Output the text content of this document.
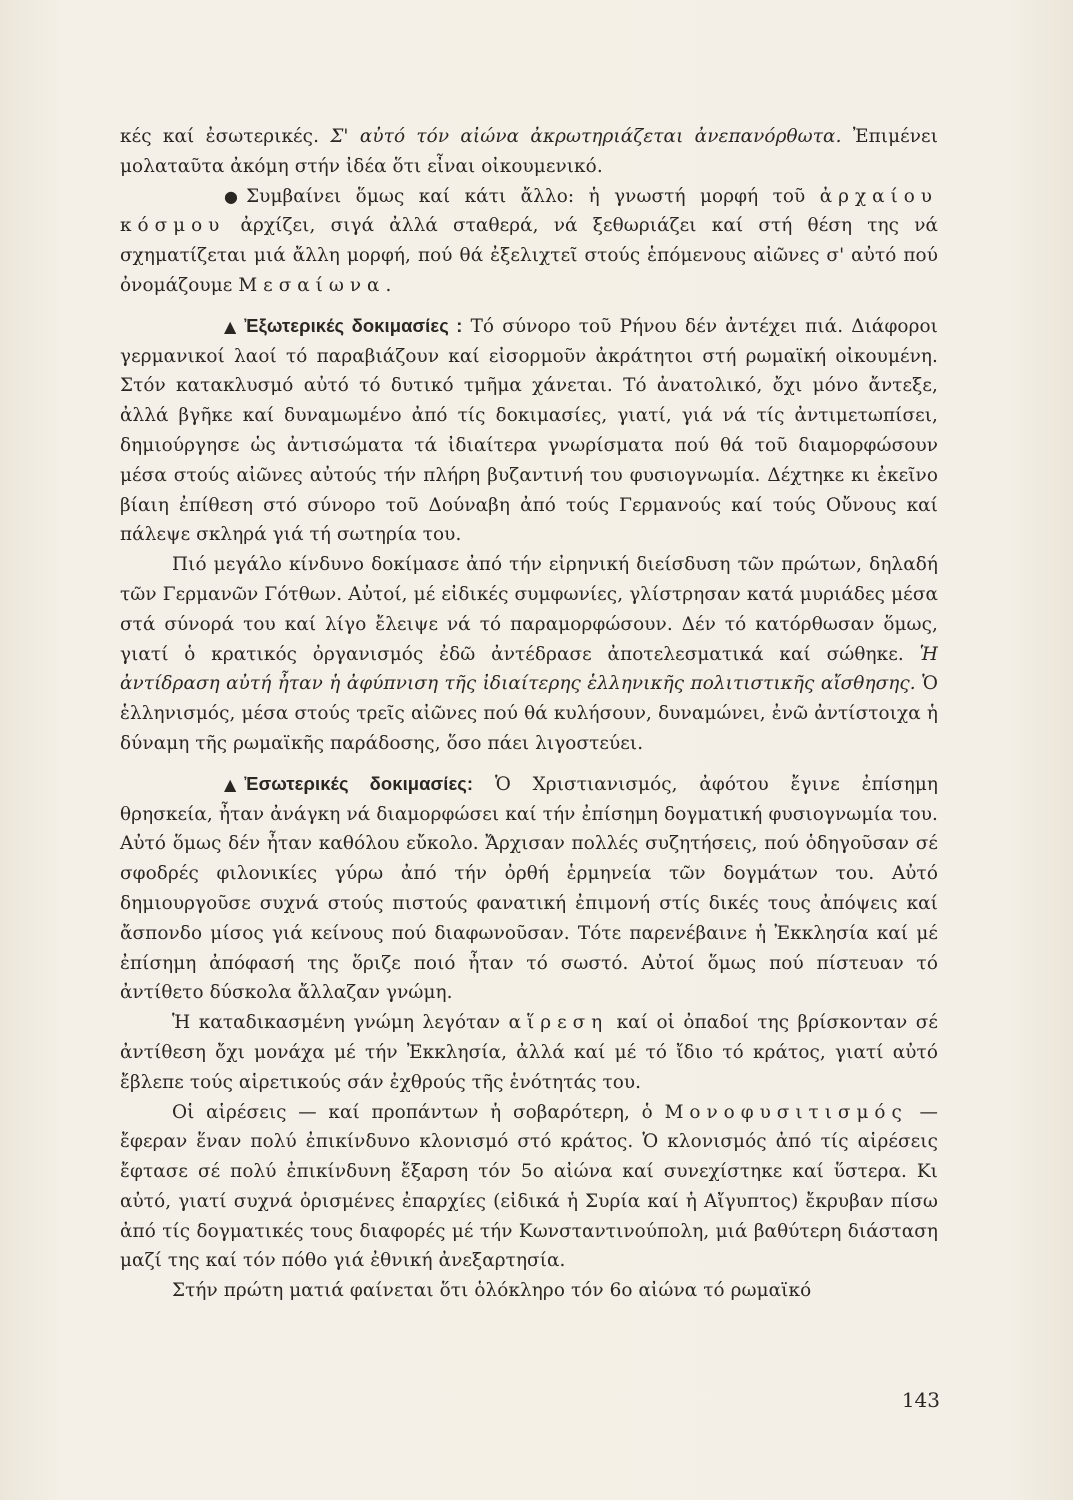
κές καί ἐσωτερικές. Σ' αὐτό τόν αἰώνα ἀκρωτηριάζεται ἀνεπανόρθωτα. Ἐπιμένει μολαταῦτα ἀκόμη στήν ἰδέα ὅτι εἶναι οἰκουμενικό.

● Συμβαίνει ὅμως καί κάτι ἄλλο: ἡ γνωστή μορφή τοῦ ἀρχαίου κόσμου ἀρχίζει, σιγά ἀλλά σταθερά, νά ξεθωριάζει καί στή θέση της νά σχηματίζεται μιά ἄλλη μορφή, πού θά ἐξελιχτεῖ στούς ἑπόμενους αἰῶνες σ' αὐτό πού ὀνομάζουμε Μεσαίωνα.

▲ Ἐξωτερικές δοκιμασίες : Τό σύνορο τοῦ Ρήνου δέν ἀντέχει πιά. Διάφοροι γερμανικοί λαοί τό παραβιάζουν καί εἰσορμοῦν ἀκράτητοι στή ρωμαϊκή οἰκουμένη. Στόν κατακλυσμό αὐτό τό δυτικό τμῆμα χάνεται. Τό ἀνατολικό, ὄχι μόνο ἄντεξε, ἀλλά βγῆκε καί δυναμωμένο ἀπό τίς δοκιμασίες, γιατί, γιά νά τίς ἀντιμετωπίσει, δημιούργησε ὡς ἀντισώματα τά ἰδιαίτερα γνωρίσματα πού θά τοῦ διαμορφώσουν μέσα στούς αἰῶνες αὐτούς τήν πλήρη βυζαντινή του φυσιογνωμία. Δέχτηκε κι ἐκεῖνο βίαιη ἐπίθεση στό σύνορο τοῦ Δούναβη ἀπό τούς Γερμανούς καί τούς Οὔνους καί πάλεψε σκληρά γιά τή σωτηρία του.

Πιό μεγάλο κίνδυνο δοκίμασε ἀπό τήν εἰρηνική διείσδυση τῶν πρώτων, δηλαδή τῶν Γερμανῶν Γότθων. Αὐτοί, μέ εἰδικές συμφωνίες, γλίστρησαν κατά μυριάδες μέσα στά σύνορά του καί λίγο ἔλειψε νά τό παραμορφώσουν. Δέν τό κατόρθωσαν ὅμως, γιατί ὁ κρατικός ὀργανισμός ἐδῶ ἀντέδρασε ἀποτελεσματικά καί σώθηκε. Ἡ ἀντίδραση αὐτή ἦταν ἡ ἀφύπνιση τῆς ἰδιαίτερης ἑλληνικῆς πολιτιστικῆς αἴσθησης. Ὁ ἑλληνισμός, μέσα στούς τρεῖς αἰῶνες πού θά κυλήσουν, δυναμώνει, ἐνῶ ἀντίστοιχα ἡ δύναμη τῆς ρωμαϊκῆς παράδοσης, ὅσο πάει λιγοστεύει.

▲ Ἐσωτερικές δοκιμασίες: Ὁ Χριστιανισμός, ἀφότου ἔγινε ἐπίσημη θρησκεία, ἦταν ἀνάγκη νά διαμορφώσει καί τήν ἐπίσημη δογματική φυσιογνωμία του. Αὐτό ὅμως δέν ἦταν καθόλου εὔκολο. Ἄρχισαν πολλές συζητήσεις, πού ὁδηγοῦσαν σέ σφοδρές φιλονικίες γύρω ἀπό τήν ὀρθή ἑρμηνεία τῶν δογμάτων του. Αὐτό δημιουργοῦσε συχνά στούς πιστούς φανατική ἐπιμονή στίς δικές τους ἀπόψεις καί ἄσπονδο μίσος γιά κείνους πού διαφωνοῦσαν. Τότε παρενέβαινε ἡ Ἐκκλησία καί μέ ἐπίσημη ἀπόφασή της ὅριζε ποιό ἦταν τό σωστό. Αὐτοί ὅμως πού πίστευαν τό ἀντίθετο δύσκολα ἄλλαζαν γνώμη.

Ἡ καταδικασμένη γνώμη λεγόταν αἵρεση καί οἱ ὀπαδοί της βρίσκονταν σέ ἀντίθεση ὄχι μονάχα μέ τήν Ἐκκλησία, ἀλλά καί μέ τό ἴδιο τό κράτος, γιατί αὐτό ἔβλεπε τούς αἱρετικούς σάν ἐχθρούς τῆς ἑνότητάς του.

Οἱ αἱρέσεις — καί προπάντων ἡ σοβαρότερη, ὁ Μονοφυσιτισμός — ἔφεραν ἕναν πολύ ἐπικίνδυνο κλονισμό στό κράτος. Ὁ κλονισμός ἀπό τίς αἱρέσεις ἔφτασε σέ πολύ ἐπικίνδυνη ἔξαρση τόν 5ο αἰώνα καί συνεχίστηκε καί ὕστερα. Κι αὐτό, γιατί συχνά ὁρισμένες ἐπαρχίες (εἰδικά ἡ Συρία καί ἡ Αἴγυπτος) ἔκρυβαν πίσω ἀπό τίς δογματικές τους διαφορές μέ τήν Κωνσταντινούπολη, μιά βαθύτερη διάσταση μαζί της καί τόν πόθο γιά ἐθνική ἀνεξαρτησία.

Στήν πρώτη ματιά φαίνεται ὅτι ὁλόκληρο τόν 6ο αἰώνα τό ρωμαϊκό

143
